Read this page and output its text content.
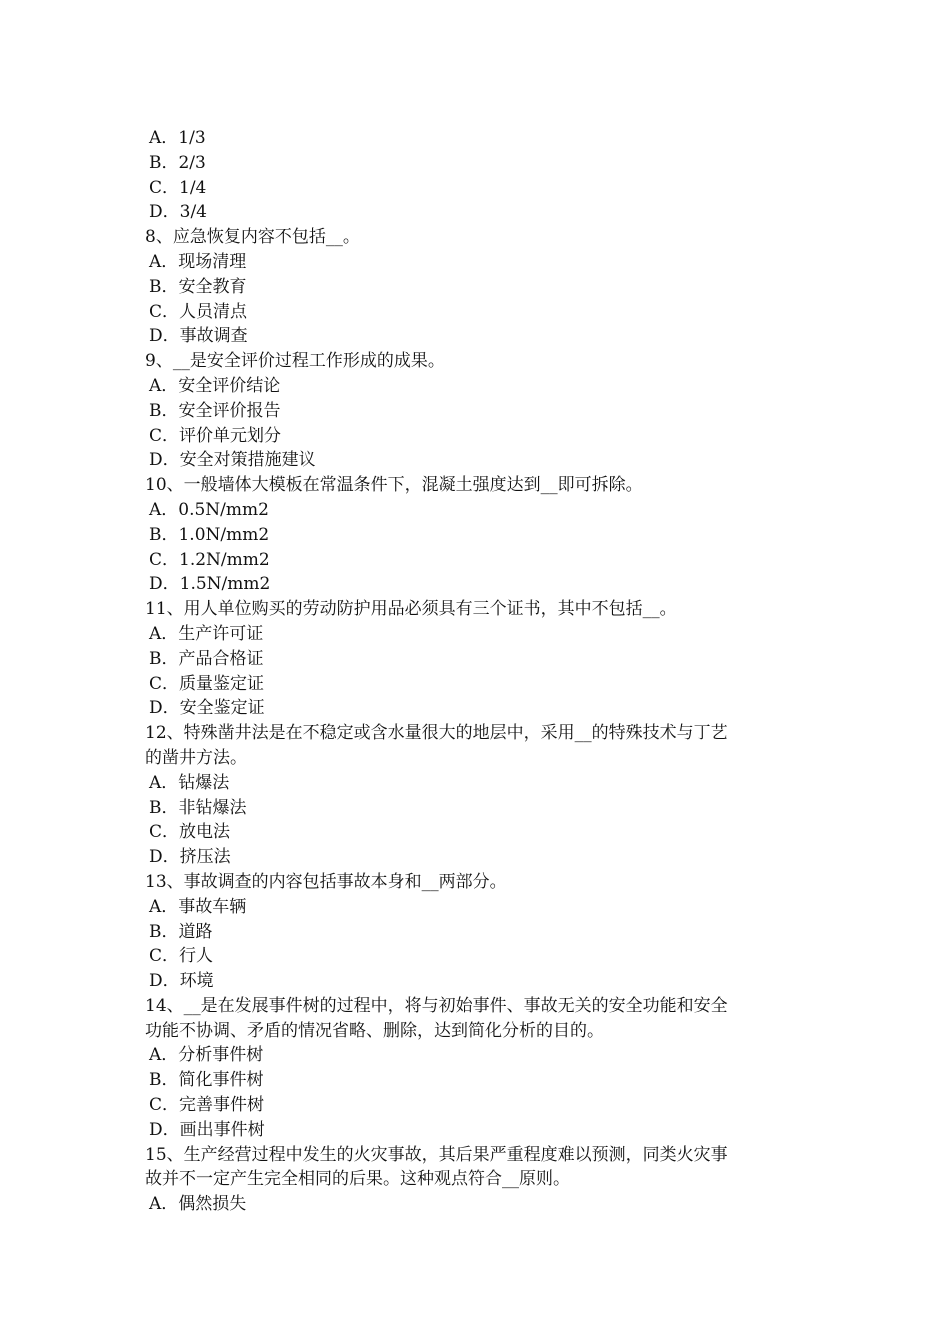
A．1/3
B．2/3
C．1/4
D．3/4
8、应急恢复内容不包括__。
A．现场清理
B．安全教育
C．人员清点
D．事故调查
9、__是安全评价过程工作形成的成果。
A．安全评价结论
B．安全评价报告
C．评价单元划分
D．安全对策措施建议
10、一般墙体大模板在常温条件下，混凝土强度达到__即可拆除。
A．0.5N/mm2
B．1.0N/mm2
C．1.2N/mm2
D．1.5N/mm2
11、用人单位购买的劳动防护用品必须具有三个证书，其中不包括__。
A．生产许可证
B．产品合格证
C．质量鉴定证
D．安全鉴定证
12、特殊凿井法是在不稳定或含水量很大的地层中，采用__的特殊技术与丁艺
的凿井方法。
A．钻爆法
B．非钻爆法
C．放电法
D．挤压法
13、事故调查的内容包括事故本身和__两部分。
A．事故车辆
B．道路
C．行人
D．环境
14、__是在发展事件树的过程中，将与初始事件、事故无关的安全功能和安全
功能不协调、矛盾的情况省略、删除，达到简化分析的目的。
A．分析事件树
B．简化事件树
C．完善事件树
D．画出事件树
15、生产经营过程中发生的火灾事故，其后果严重程度难以预测，同类火灾事
故并不一定产生完全相同的后果。这种观点符合__原则。
A．偶然损失
